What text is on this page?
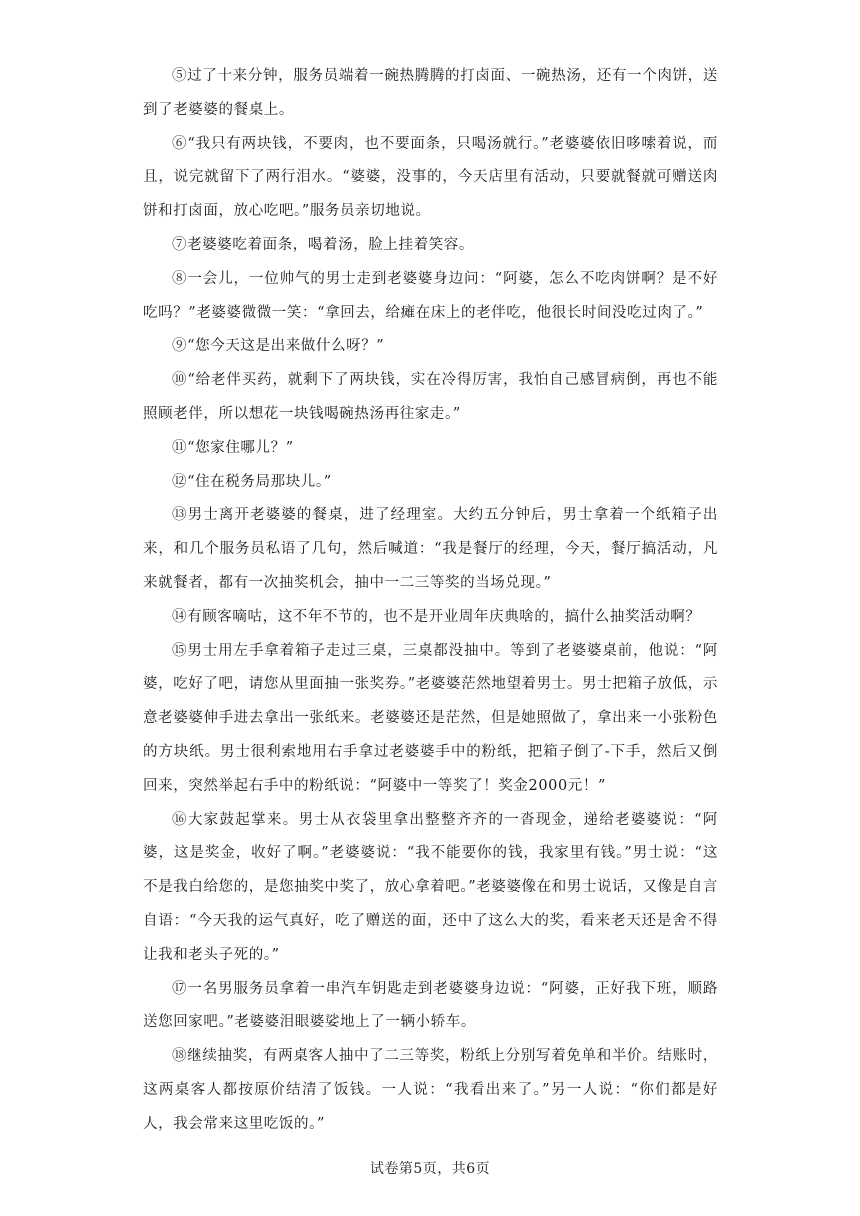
⑤过了十来分钟，服务员端着一碗热腾腾的打卤面、一碗热汤，还有一个肉饼，送到了老婆婆的餐桌上。

⑥“我只有两块钱，不要肉，也不要面条，只喝汤就行。”老婆婆依旧哆嗦着说，而且，说完就留下了两行泪水。“婆婆，没事的，今天店里有活动，只要就餐就可赠送肉饼和打卤面，放心吃吧。”服务员亲切地说。

⑦老婆婆吃着面条，喝着汤，脸上挂着笑容。

⑧一会儿，一位帅气的男士走到老婆婆身边问：“阿婆，怎么不吃肉饼啊？是不好吃吗？”老婆婆微微一笑：“拿回去，给瘫在床上的老伴吃，他很长时间没吃过肉了。”

⑨“您今天这是出来做什么呀？”

⑩“给老伴买药，就剩下了两块钱，实在冷得厉害，我怕自己感冒病倒，再也不能照顾老伴，所以想花一块钱喝碗热汤再往家走。”

⑪“您家住哪儿？”

⑫“住在税务局那块儿。”

⑬男士离开老婆婆的餐桌，进了经理室。大约五分钟后，男士拿着一个纸箱子出来，和几个服务员私语了几句，然后喊道：“我是餐厅的经理，今天，餐厅搞活动，凡来就餐者，都有一次抽奖机会，抽中一二三等奖的当场兑现。”

⑭有顾客嘀咕，这不年不节的，也不是开业周年庆典啥的，搞什么抽奖活动啊？

⑮男士用左手拿着箱子走过三桌，三桌都没抽中。等到了老婆婆桌前，他说：“阿婆，吃好了吧，请您从里面抽一张奖券。”老婆婆茫然地望着男士。男士把箱子放低，示意老婆婆伸手进去拿出一张纸来。老婆婆还是茫然，但是她照做了，拿出来一小张粉色的方块纸。男士很利索地用右手拿过老婆婆手中的粉纸，把箱子倒了-下手，然后又倒回来，突然举起右手中的粉纸说：“阿婆中一等奖了！奖金2000元！”

⑯大家鼓起掌来。男士从衣袋里拿出整整齐齐的一沓现金，递给老婆婆说：“阿婆，这是奖金，收好了啊。”老婆婆说：“我不能要你的钱，我家里有钱。”男士说：“这不是我白给您的，是您抽奖中奖了，放心拿着吧。”老婆婆像在和男士说话，又像是自言自语：“今天我的运气真好，吃了赠送的面，还中了这么大的奖，看来老天还是舍不得让我和老头子死的。”

⑰一名男服务员拿着一串汽车钥匙走到老婆婆身边说：“阿婆，正好我下班，顺路送您回家吧。”老婆婆泪眼婆娑地上了一辆小轿车。

⑱继续抽奖，有两桌客人抽中了二三等奖，粉纸上分别写着免单和半价。结账时，这两桌客人都按原价结清了饭钱。一人说：“我看出来了。”另一人说：“你们都是好人，我会常来这里吃饭的。”

试卷第5页，共6页
